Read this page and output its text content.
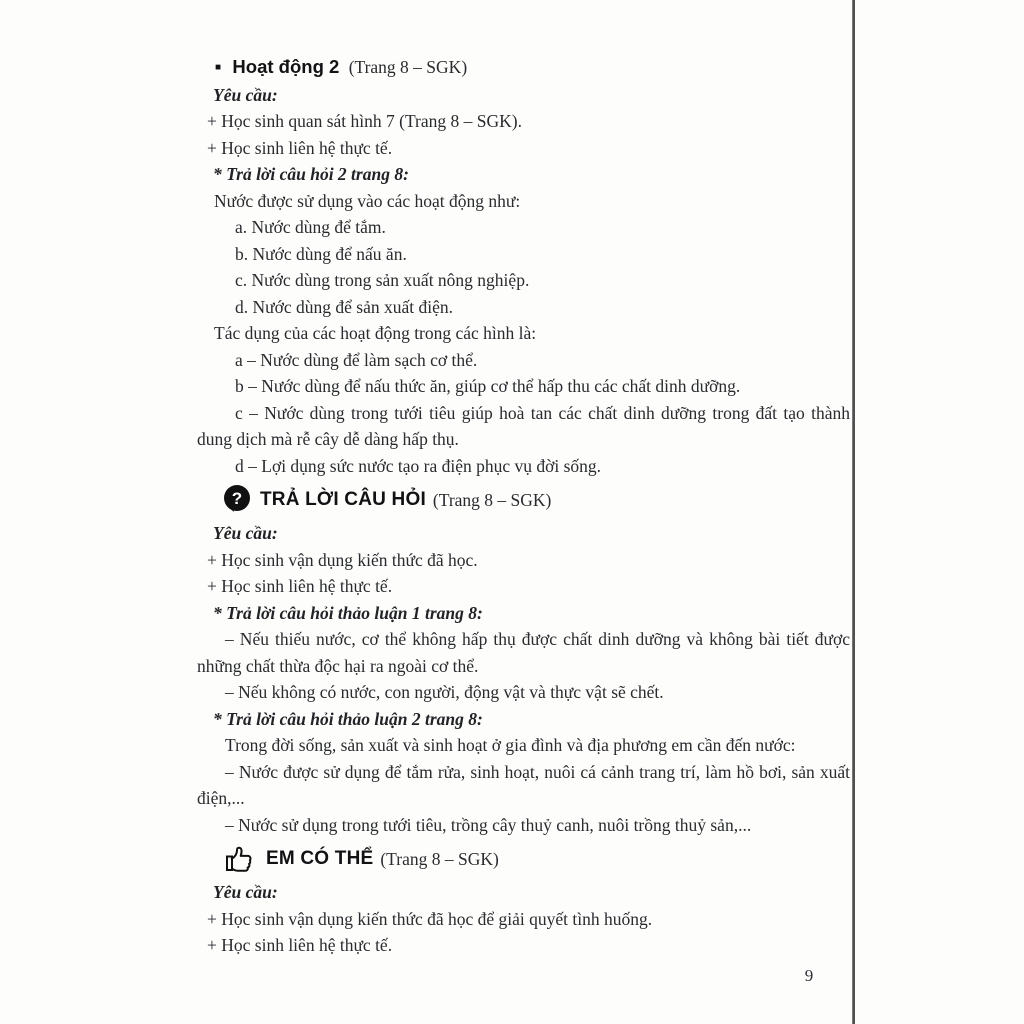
■ Hoạt động 2 (Trang 8 – SGK)

Yêu cầu:

+ Học sinh quan sát hình 7 (Trang 8 – SGK).

+ Học sinh liên hệ thực tế.

* Trả lời câu hỏi 2 trang 8:

Nước được sử dụng vào các hoạt động như:

a. Nước dùng để tắm.

b. Nước dùng để nấu ăn.

c. Nước dùng trong sản xuất nông nghiệp.

d. Nước dùng để sản xuất điện.

Tác dụng của các hoạt động trong các hình là:

a – Nước dùng để làm sạch cơ thể.

b – Nước dùng để nấu thức ăn, giúp cơ thể hấp thu các chất dinh dưỡng.

c – Nước dùng trong tưới tiêu giúp hoà tan các chất dinh dưỡng trong đất tạo thành dung dịch mà rễ cây dễ dàng hấp thụ.

d – Lợi dụng sức nước tạo ra điện phục vụ đời sống.

? TRẢ LỜI CÂU HỎI (Trang 8 – SGK)

Yêu cầu:

+ Học sinh vận dụng kiến thức đã học.

+ Học sinh liên hệ thực tế.

* Trả lời câu hỏi thảo luận 1 trang 8:

– Nếu thiếu nước, cơ thể không hấp thụ được chất dinh dưỡng và không bài tiết được những chất thừa độc hại ra ngoài cơ thể.

– Nếu không có nước, con người, động vật và thực vật sẽ chết.

* Trả lời câu hỏi thảo luận 2 trang 8:

Trong đời sống, sản xuất và sinh hoạt ở gia đình và địa phương em cần đến nước:

– Nước được sử dụng để tắm rửa, sinh hoạt, nuôi cá cảnh trang trí, làm hồ bơi, sản xuất điện,...

– Nước sử dụng trong tưới tiêu, trồng cây thuỷ canh, nuôi trồng thuỷ sản,...

EM CÓ THỂ (Trang 8 – SGK)

Yêu cầu:

+ Học sinh vận dụng kiến thức đã học để giải quyết tình huống.

+ Học sinh liên hệ thực tế.

9
